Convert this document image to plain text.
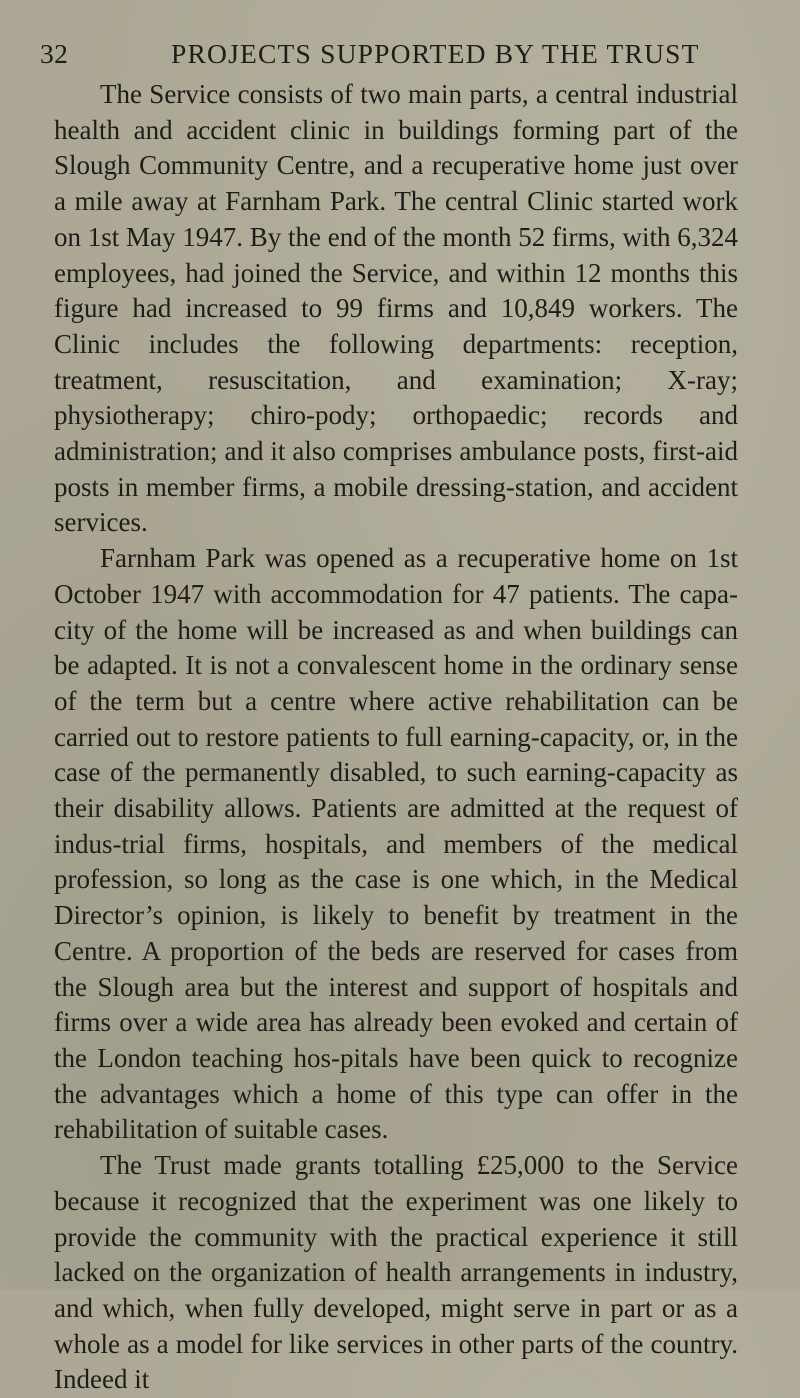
32	PROJECTS SUPPORTED BY THE TRUST

The Service consists of two main parts, a central industrial health and accident clinic in buildings forming part of the Slough Community Centre, and a recuperative home just over a mile away at Farnham Park. The central Clinic started work on 1st May 1947. By the end of the month 52 firms, with 6,324 employees, had joined the Service, and within 12 months this figure had increased to 99 firms and 10,849 workers. The Clinic includes the following departments: reception, treatment, resuscitation, and examination; X-ray; physiotherapy; chiro-pody; orthopaedic; records and administration; and it also comprises ambulance posts, first-aid posts in member firms, a mobile dressing-station, and accident services.

Farnham Park was opened as a recuperative home on 1st October 1947 with accommodation for 47 patients. The capa-city of the home will be increased as and when buildings can be adapted. It is not a convalescent home in the ordinary sense of the term but a centre where active rehabilitation can be carried out to restore patients to full earning-capacity, or, in the case of the permanently disabled, to such earning-capacity as their disability allows. Patients are admitted at the request of indus-trial firms, hospitals, and members of the medical profession, so long as the case is one which, in the Medical Director’s opinion, is likely to benefit by treatment in the Centre. A proportion of the beds are reserved for cases from the Slough area but the interest and support of hospitals and firms over a wide area has already been evoked and certain of the London teaching hos-pitals have been quick to recognize the advantages which a home of this type can offer in the rehabilitation of suitable cases.

The Trust made grants totalling £25,000 to the Service because it recognized that the experiment was one likely to provide the community with the practical experience it still lacked on the organization of health arrangements in industry, and which, when fully developed, might serve in part or as a whole as a model for like services in other parts of the country. Indeed it
